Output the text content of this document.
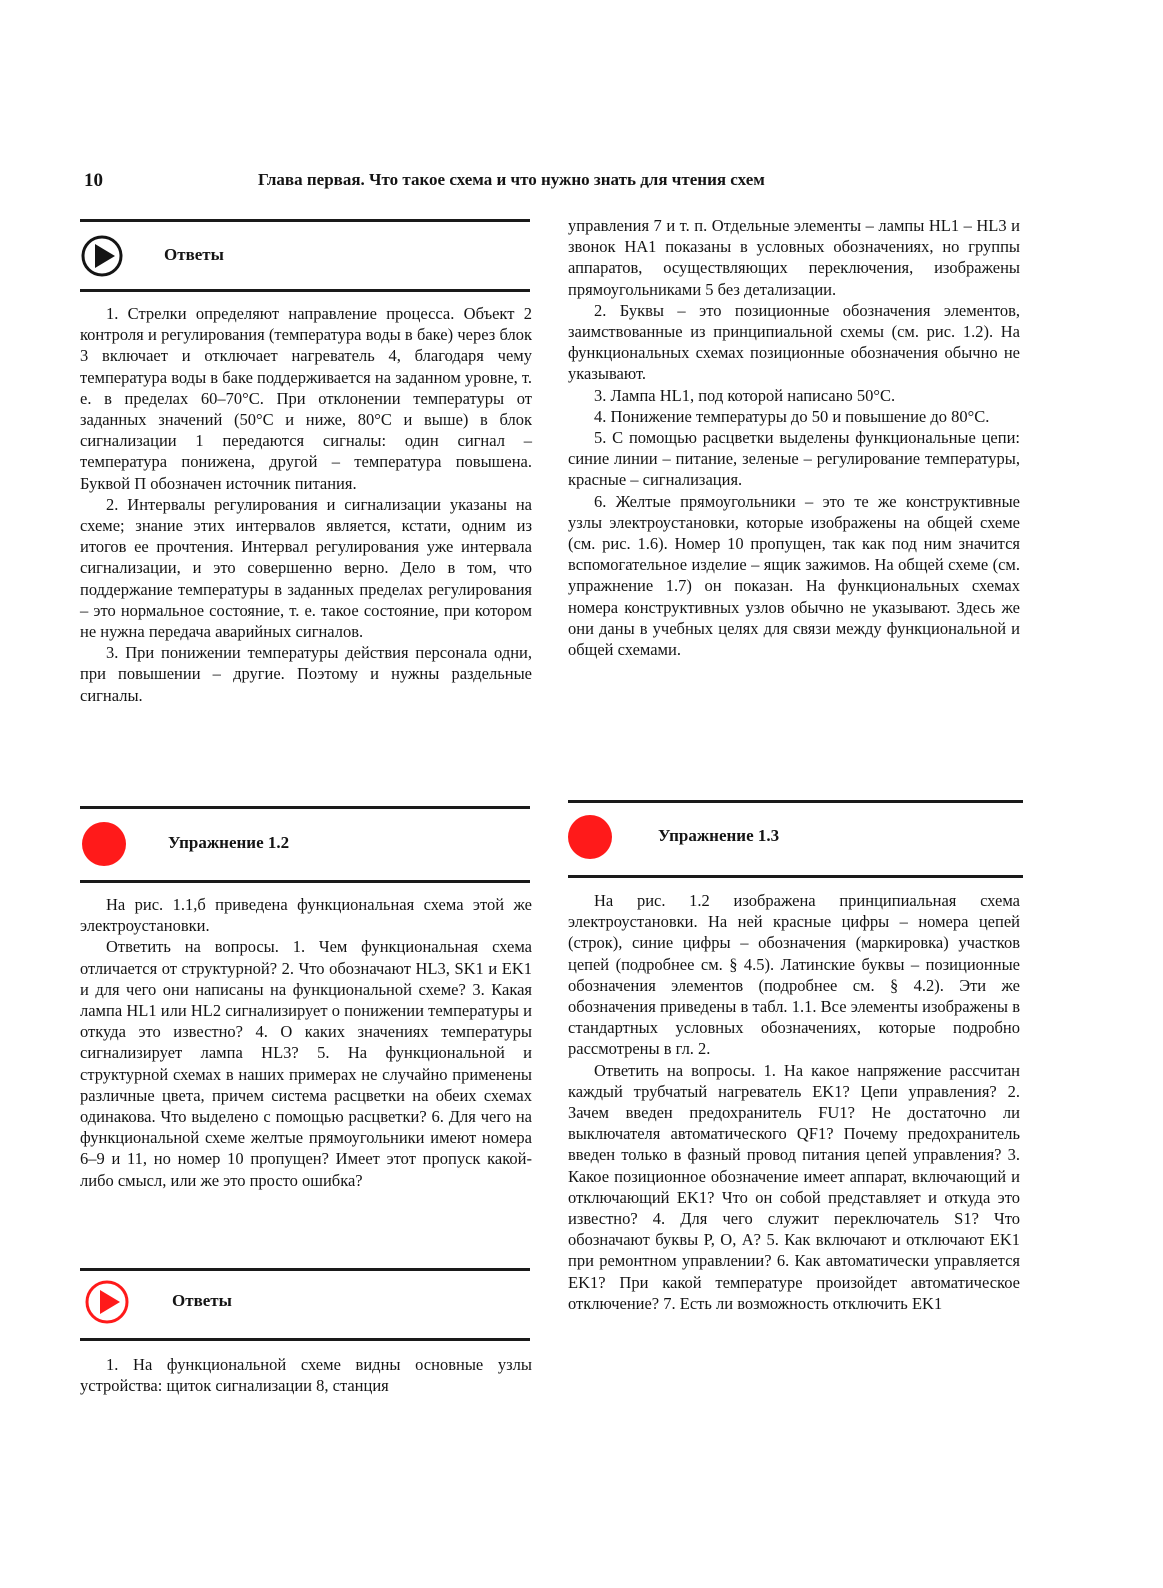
10	Глава первая. Что такое схема и что нужно знать для чтения схем
Ответы

1. Стрелки определяют направление процесса. Объект 2 контроля и регулирования (температура воды в баке) через блок 3 включает и отключает нагреватель 4, благодаря чему температура воды в баке поддерживается на заданном уровне, т. е. в пределах 60–70°С. При отклонении температуры от заданных значений (50°С и ниже, 80°С и выше) в блок сигнализации 1 передаются сигналы: один сигнал – температура понижена, другой – температура повышена. Буквой П обозначен источник питания.

2. Интервалы регулирования и сигнализации указаны на схеме; знание этих интервалов является, кстати, одним из итогов ее прочтения. Интервал регулирования уже интервала сигнализации, и это совершенно верно. Дело в том, что поддержание температуры в заданных пределах регулирования – это нормальное состояние, т. е. такое состояние, при котором не нужна передача аварийных сигналов.

3. При понижении температуры действия персонала одни, при повышении – другие. Поэтому и нужны раздельные сигналы.

Упражнение 1.2

На рис. 1.1,б приведена функциональная схема этой же электроустановки.

Ответить на вопросы. 1. Чем функциональная схема отличается от структурной? 2. Что обозначают HL3, SK1 и EK1 и для чего они написаны на функциональной схеме? 3. Какая лампа HL1 или HL2 сигнализирует о понижении температуры и откуда это известно? 4. О каких значениях температуры сигнализирует лампа HL3? 5. На функциональной и структурной схемах в наших примерах не случайно применены различные цвета, причем система расцветки на обеих схемах одинакова. Что выделено с помощью расцветки? 6. Для чего на функциональной схеме желтые прямоугольники имеют номера 6–9 и 11, но номер 10 пропущен? Имеет этот пропуск какой-либо смысл, или же это просто ошибка?

Ответы

1. На функциональной схеме видны основные узлы устройства: щиток сигнализации 8, станция

управления 7 и т. п. Отдельные элементы – лампы HL1 – HL3 и звонок HA1 показаны в условных обозначениях, но группы аппаратов, осуществляющих переключения, изображены прямоугольниками 5 без детализации.

2. Буквы – это позиционные обозначения элементов, заимствованные из принципиальной схемы (см. рис. 1.2). На функциональных схемах позиционные обозначения обычно не указывают.

3. Лампа HL1, под которой написано 50°С.

4. Понижение температуры до 50 и повышение до 80°С.

5. С помощью расцветки выделены функциональные цепи: синие линии – питание, зеленые – регулирование температуры, красные – сигнализация.

6. Желтые прямоугольники – это те же конструктивные узлы электроустановки, которые изображены на общей схеме (см. рис. 1.6). Номер 10 пропущен, так как под ним значится вспомогательное изделие – ящик зажимов. На общей схеме (см. упражнение 1.7) он показан. На функциональных схемах номера конструктивных узлов обычно не указывают. Здесь же они даны в учебных целях для связи между функциональной и общей схемами.

Упражнение 1.3

На рис. 1.2 изображена принципиальная схема электроустановки. На ней красные цифры – номера цепей (строк), синие цифры – обозначения (маркировка) участков цепей (подробнее см. § 4.5). Латинские буквы – позиционные обозначения элементов (подробнее см. § 4.2). Эти же обозначения приведены в табл. 1.1. Все элементы изображены в стандартных условных обозначениях, которые подробно рассмотрены в гл. 2.

Ответить на вопросы. 1. На какое напряжение рассчитан каждый трубчатый нагреватель EK1? Цепи управления? 2. Зачем введен предохранитель FU1? Не достаточно ли выключателя автоматического QF1? Почему предохранитель введен только в фазный провод питания цепей управления? 3. Какое позиционное обозначение имеет аппарат, включающий и отключающий EK1? Что он собой представляет и откуда это известно? 4. Для чего служит переключатель S1? Что обозначают буквы Р, О, А? 5. Как включают и отключают EK1 при ремонтном управлении? 6. Как автоматически управляется EK1? При какой температуре произойдет автоматическое отключение? 7. Есть ли возможность отключить EK1
